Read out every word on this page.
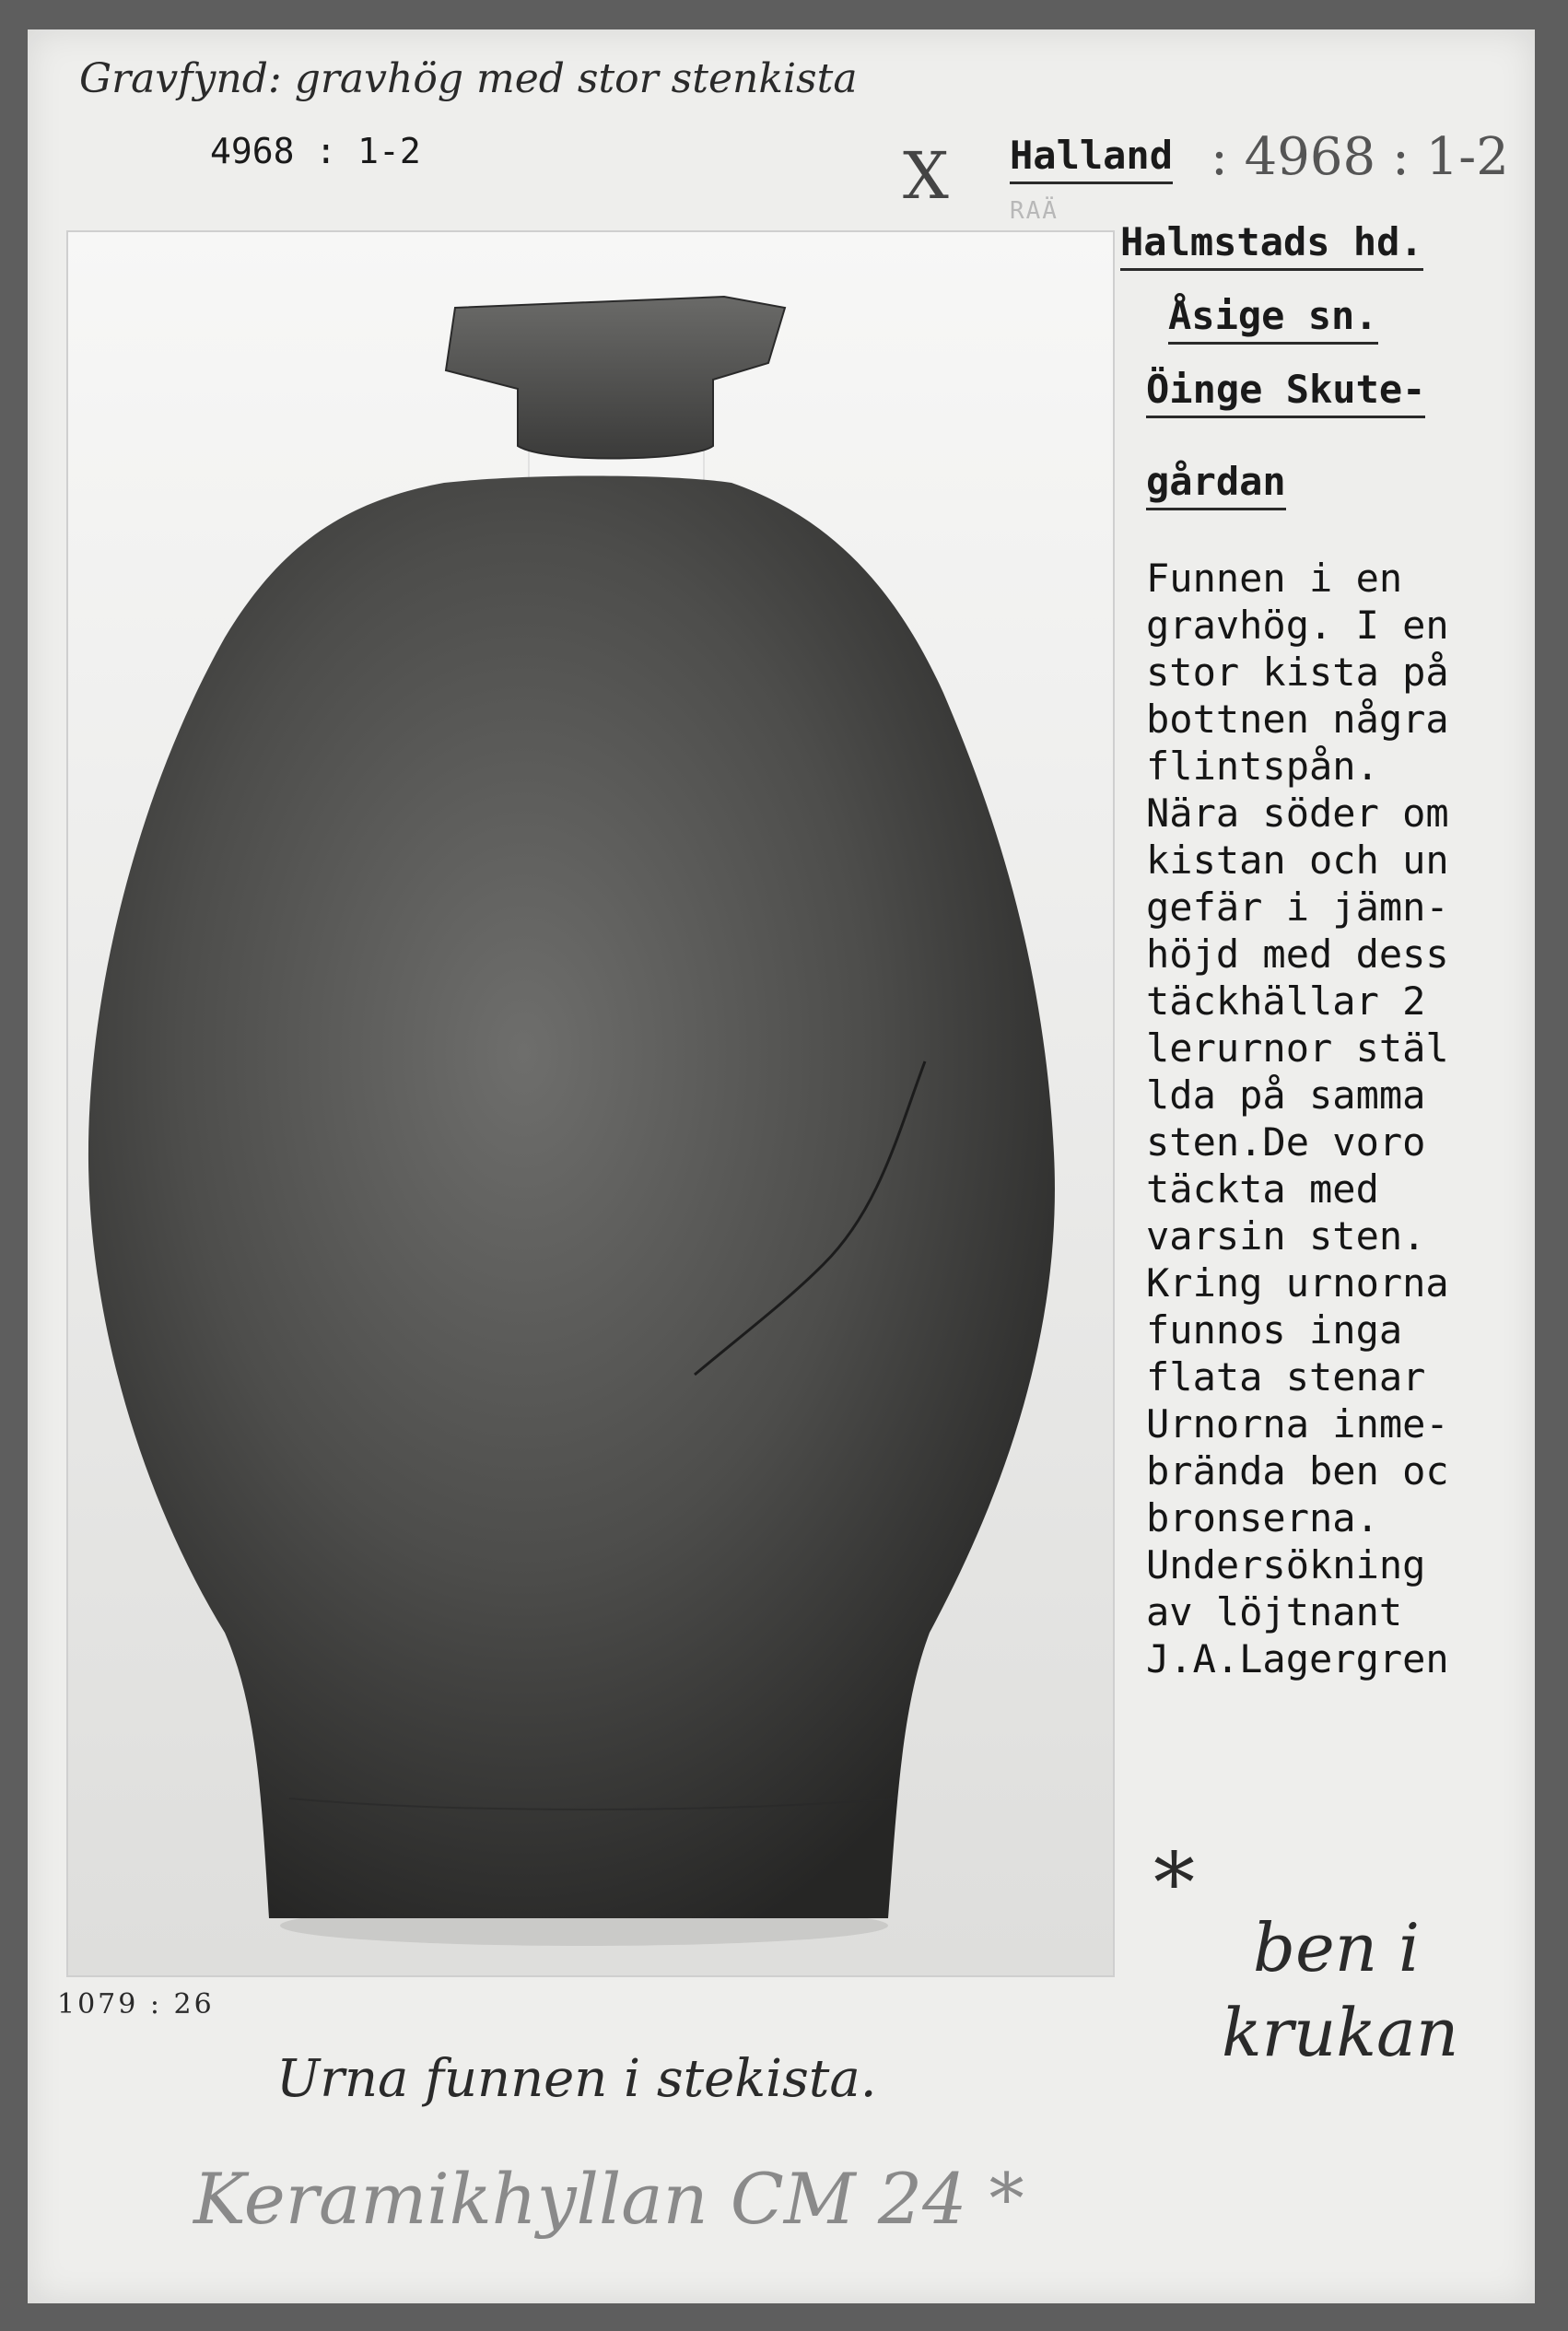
Gravfynd: gravhög med stor stenkista
4968 : 1-2	X Halland : 4968 : 1-2
RAÄ
Halmstads hd.
Åsige sn.
Öinge Skute-
gårdan
Funnen i en
gravhög. I en
stor kista på
bottnen några
flintspån.
Nära söder om
kistan och un
gefär i jämn-
höjd med dess
täckhällar 2
lerurnor stäl
lda på samma
sten.De voro
täckta med
varsin sten.
Kring urnorna
funnos inga
flata stenar
Urnorna inme-
brända ben oc
bronserna.
Undersökning
av löjtnant
J.A.Lagergren
*
ben i
krukan
1079 : 26
Urna funnen i stekista.
Keramikhyllan CM 24 *
